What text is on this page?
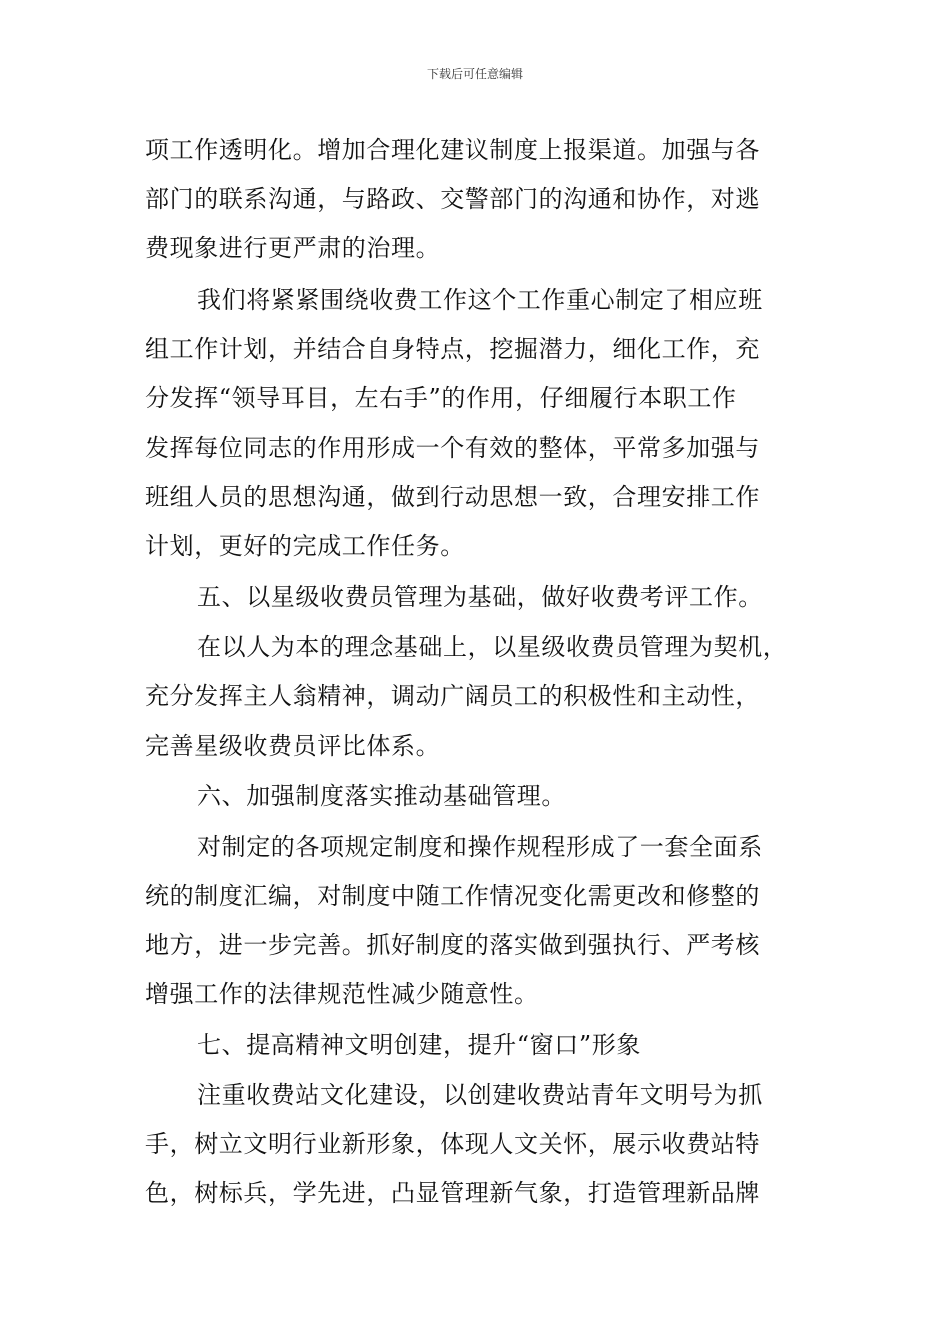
下载后可任意编辑
项工作透明化。增加合理化建议制度上报渠道。加强与各
部门的联系沟通，与路政、交警部门的沟通和协作，对逃
费现象进行更严肃的治理。
我们将紧紧围绕收费工作这个工作重心制定了相应班
组工作计划，并结合自身特点，挖掘潜力，细化工作，充
分发挥“领导耳目，左右手”的作用，仔细履行本职工作
发挥每位同志的作用形成一个有效的整体，平常多加强与
班组人员的思想沟通，做到行动思想一致，合理安排工作
计划，更好的完成工作任务。
五、以星级收费员管理为基础，做好收费考评工作。
在以人为本的理念基础上，以星级收费员管理为契机，
充分发挥主人翁精神，调动广阔员工的积极性和主动性，
完善星级收费员评比体系。
六、加强制度落实推动基础管理。
对制定的各项规定制度和操作规程形成了一套全面系
统的制度汇编，对制度中随工作情况变化需更改和修整的
地方，进一步完善。抓好制度的落实做到强执行、严考核
增强工作的法律规范性减少随意性。
七、提高精神文明创建，提升“窗口”形象
注重收费站文化建设，以创建收费站青年文明号为抓
手，树立文明行业新形象，体现人文关怀，展示收费站特
色，树标兵，学先进，凸显管理新气象，打造管理新品牌
